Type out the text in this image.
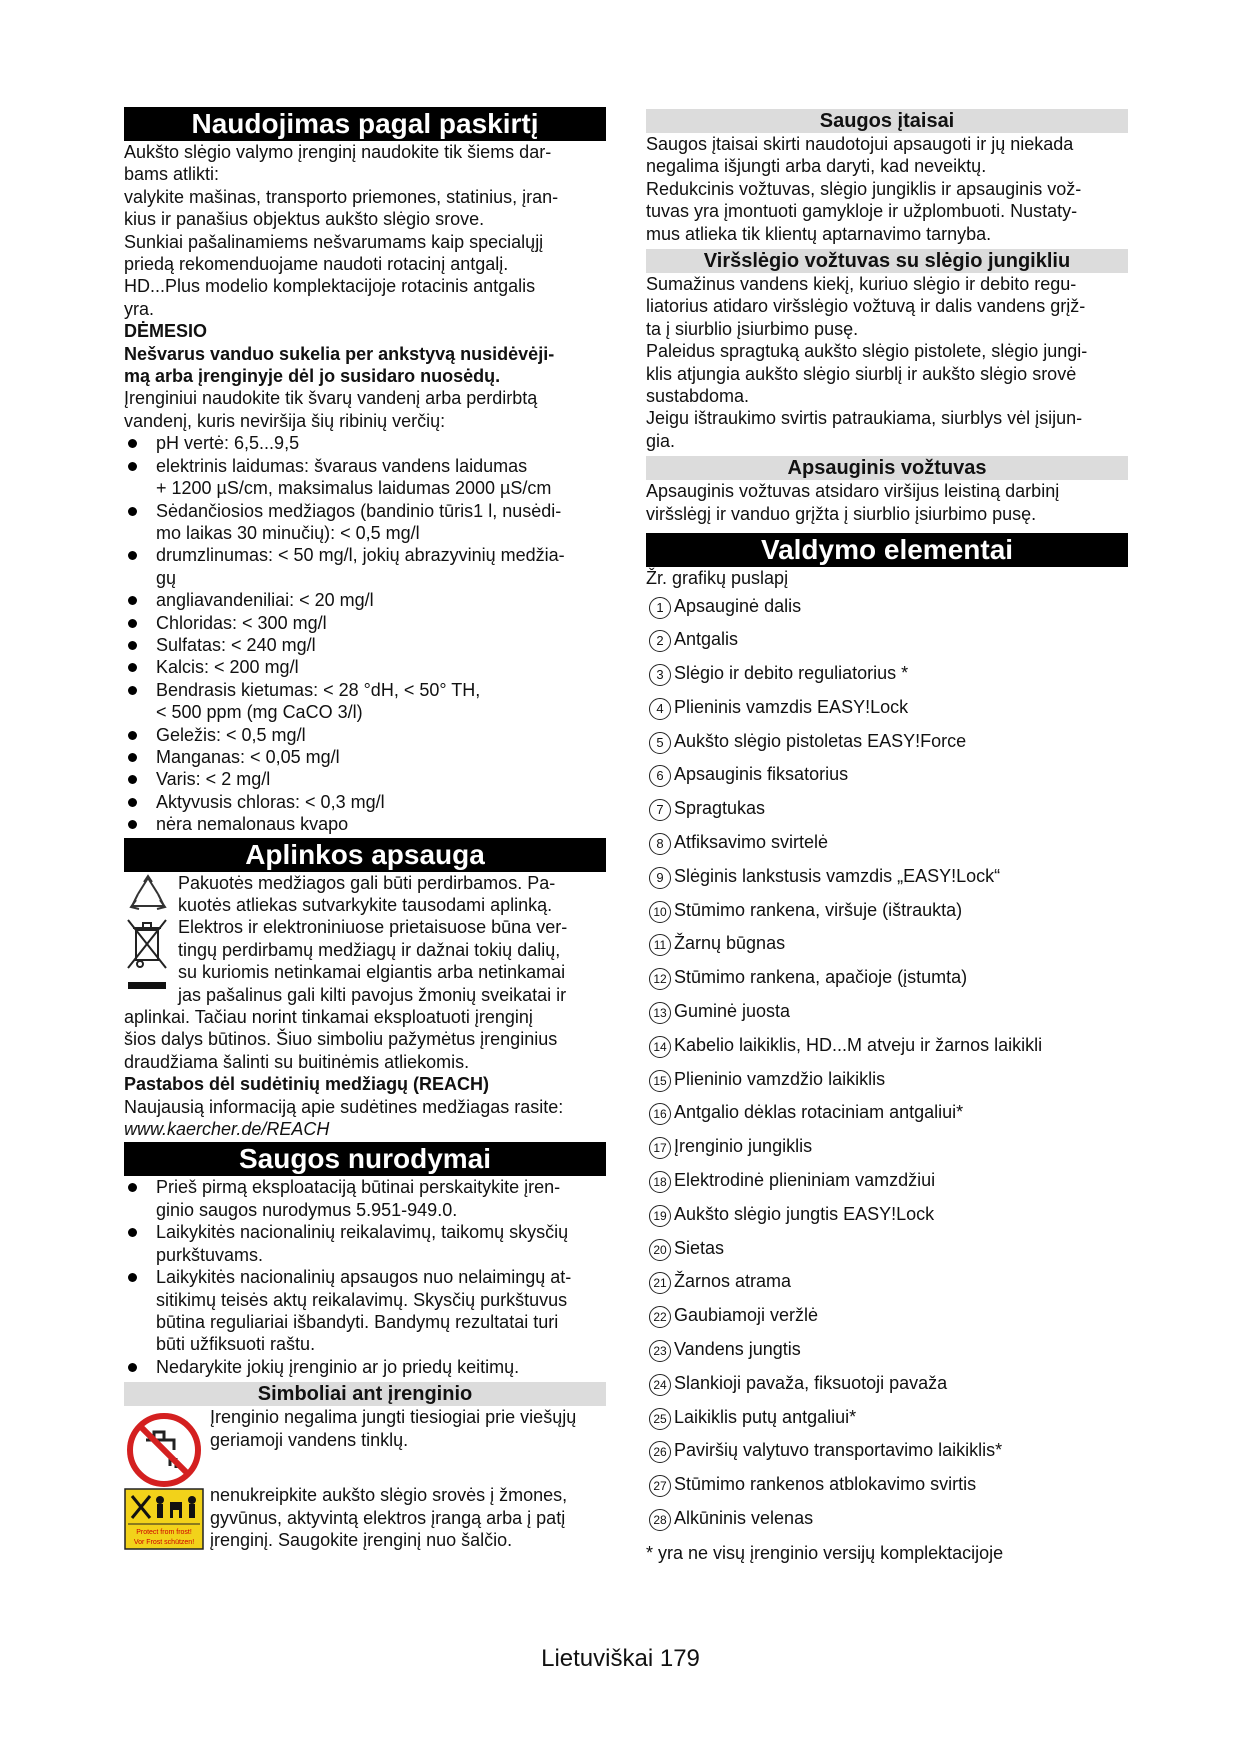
Naudojimas pagal paskirtį
Aukšto slėgio valymo įrenginį naudokite tik šiems dar-
bams atlikti:
valykite mašinas, transporto priemones, statinius, įran-
kius ir panašius objektus aukšto slėgio srove.
Sunkiai pašalinamiems nešvarumams kaip specialųjį
priedą rekomenduojame naudoti rotacinį antgalį.
HD...Plus modelio komplektacijoje rotacinis antgalis
yra.
DĖMESIO
Nešvarus vanduo sukelia per ankstyvą nusidėvėji-
mą arba įrenginyje dėl jo susidaro nuosėdų.
Įrenginiui naudokite tik švarų vandenį arba perdirbtą
vandenį, kuris neviršija šių ribinių verčių:
pH vertė: 6,5...9,5
elektrinis laidumas: švaraus vandens laidumas
+ 1200 µS/cm, maksimalus laidumas 2000 µS/cm
Sėdančiosios medžiagos (bandinio tūris1 l, nusėdi-
mo laikas 30 minučių): < 0,5 mg/l
drumzlinumas: < 50 mg/l, jokių abrazyvinių medžia-
gų
angliavandeniliai: < 20 mg/l
Chloridas: < 300 mg/l
Sulfatas: < 240 mg/l
Kalcis: < 200 mg/l
Bendrasis kietumas: < 28 °dH, < 50° TH,
< 500 ppm (mg CaCO 3/l)
Geležis: < 0,5 mg/l
Manganas: < 0,05 mg/l
Varis: < 2 mg/l
Aktyvusis chloras: < 0,3 mg/l
nėra nemalonaus kvapo
Aplinkos apsauga
Pakuotės medžiagos gali būti perdirbamos. Pa-
kuotės atliekas sutvarkykite tausodami aplinką.
Elektros ir elektroniniuose prietaisuose būna ver-
tingų perdirbamų medžiagų ir dažnai tokių dalių,
su kuriomis netinkamai elgiantis arba netinkamai
jas pašalinus gali kilti pavojus žmonių sveikatai ir
aplinkai. Tačiau norint tinkamai eksploatuoti įrenginį
šios dalys būtinos. Šiuo simboliu pažymėtus įrenginius
draudžiama šalinti su buitinėmis atliekomis.
Pastabos dėl sudėtinių medžiagų (REACH)
Naujausią informaciją apie sudėtines medžiagas rasite:
www.kaercher.de/REACH
Saugos nurodymai
Prieš pirmą eksploataciją būtinai perskaitykite įren-
ginio saugos nurodymus 5.951-949.0.
Laikykitės nacionalinių reikalavimų, taikomų skysčių
purkštuvams.
Laikykitės nacionalinių apsaugos nuo nelaimingų at-
sitikimų teisės aktų reikalavimų. Skysčių purkštuvus
būtina reguliariai išbandyti. Bandymų rezultatai turi
būti užfiksuoti raštu.
Nedarykite jokių įrenginio ar jo priedų keitimų.
Simboliai ant įrenginio
Įrenginio negalima jungti tiesiogiai prie viešųjų
geriamoji vandens tinklų.
Protect from frost!
Vor Frost schützen!
nenukreipkite aukšto slėgio srovės į žmones,
gyvūnus, aktyvintą elektros įrangą arba į patį
įrenginį. Saugokite įrenginį nuo šalčio.
Saugos įtaisai
Saugos įtaisai skirti naudotojui apsaugoti ir jų niekada
negalima išjungti arba daryti, kad neveiktų.
Redukcinis vožtuvas, slėgio jungiklis ir apsauginis vož-
tuvas yra įmontuoti gamykloje ir užplombuoti. Nustaty-
mus atlieka tik klientų aptarnavimo tarnyba.
Viršslėgio vožtuvas su slėgio jungikliu
Sumažinus vandens kiekį, kuriuo slėgio ir debito regu-
liatorius atidaro viršslėgio vožtuvą ir dalis vandens grįž-
ta į siurblio įsiurbimo pusę.
Paleidus spragtuką aukšto slėgio pistolete, slėgio jungi-
klis atjungia aukšto slėgio siurblį ir aukšto slėgio srovė
sustabdoma.
Jeigu ištraukimo svirtis patraukiama, siurblys vėl įsijun-
gia.
Apsauginis vožtuvas
Apsauginis vožtuvas atsidaro viršijus leistiną darbinį
viršslėgį ir vanduo grįžta į siurblio įsiurbimo pusę.
Valdymo elementai
Žr. grafikų puslapį
1 Apsauginė dalis
2 Antgalis
3 Slėgio ir debito reguliatorius *
4 Plieninis vamzdis EASY!Lock
5 Aukšto slėgio pistoletas EASY!Force
6 Apsauginis fiksatorius
7 Spragtukas
8 Atfiksavimo svirtelė
9 Slėginis lankstusis vamzdis „EASY!Lock“
10 Stūmimo rankena, viršuje (ištraukta)
11 Žarnų būgnas
12 Stūmimo rankena, apačioje (įstumta)
13 Guminė juosta
14 Kabelio laikiklis, HD...M atveju ir žarnos laikikli
15 Plieninio vamzdžio laikiklis
16 Antgalio dėklas rotaciniam antgaliui*
17 Įrenginio jungiklis
18 Elektrodinė plieniniam vamzdžiui
19 Aukšto slėgio jungtis EASY!Lock
20 Sietas
21 Žarnos atrama
22 Gaubiamoji veržlė
23 Vandens jungtis
24 Slankioji pavaža, fiksuotoji pavaža
25 Laikiklis putų antgaliui*
26 Paviršių valytuvo transportavimo laikiklis*
27 Stūmimo rankenos atblokavimo svirtis
28 Alkūninis velenas
* yra ne visų įrenginio versijų komplektacijoje
Lietuviškai 179
